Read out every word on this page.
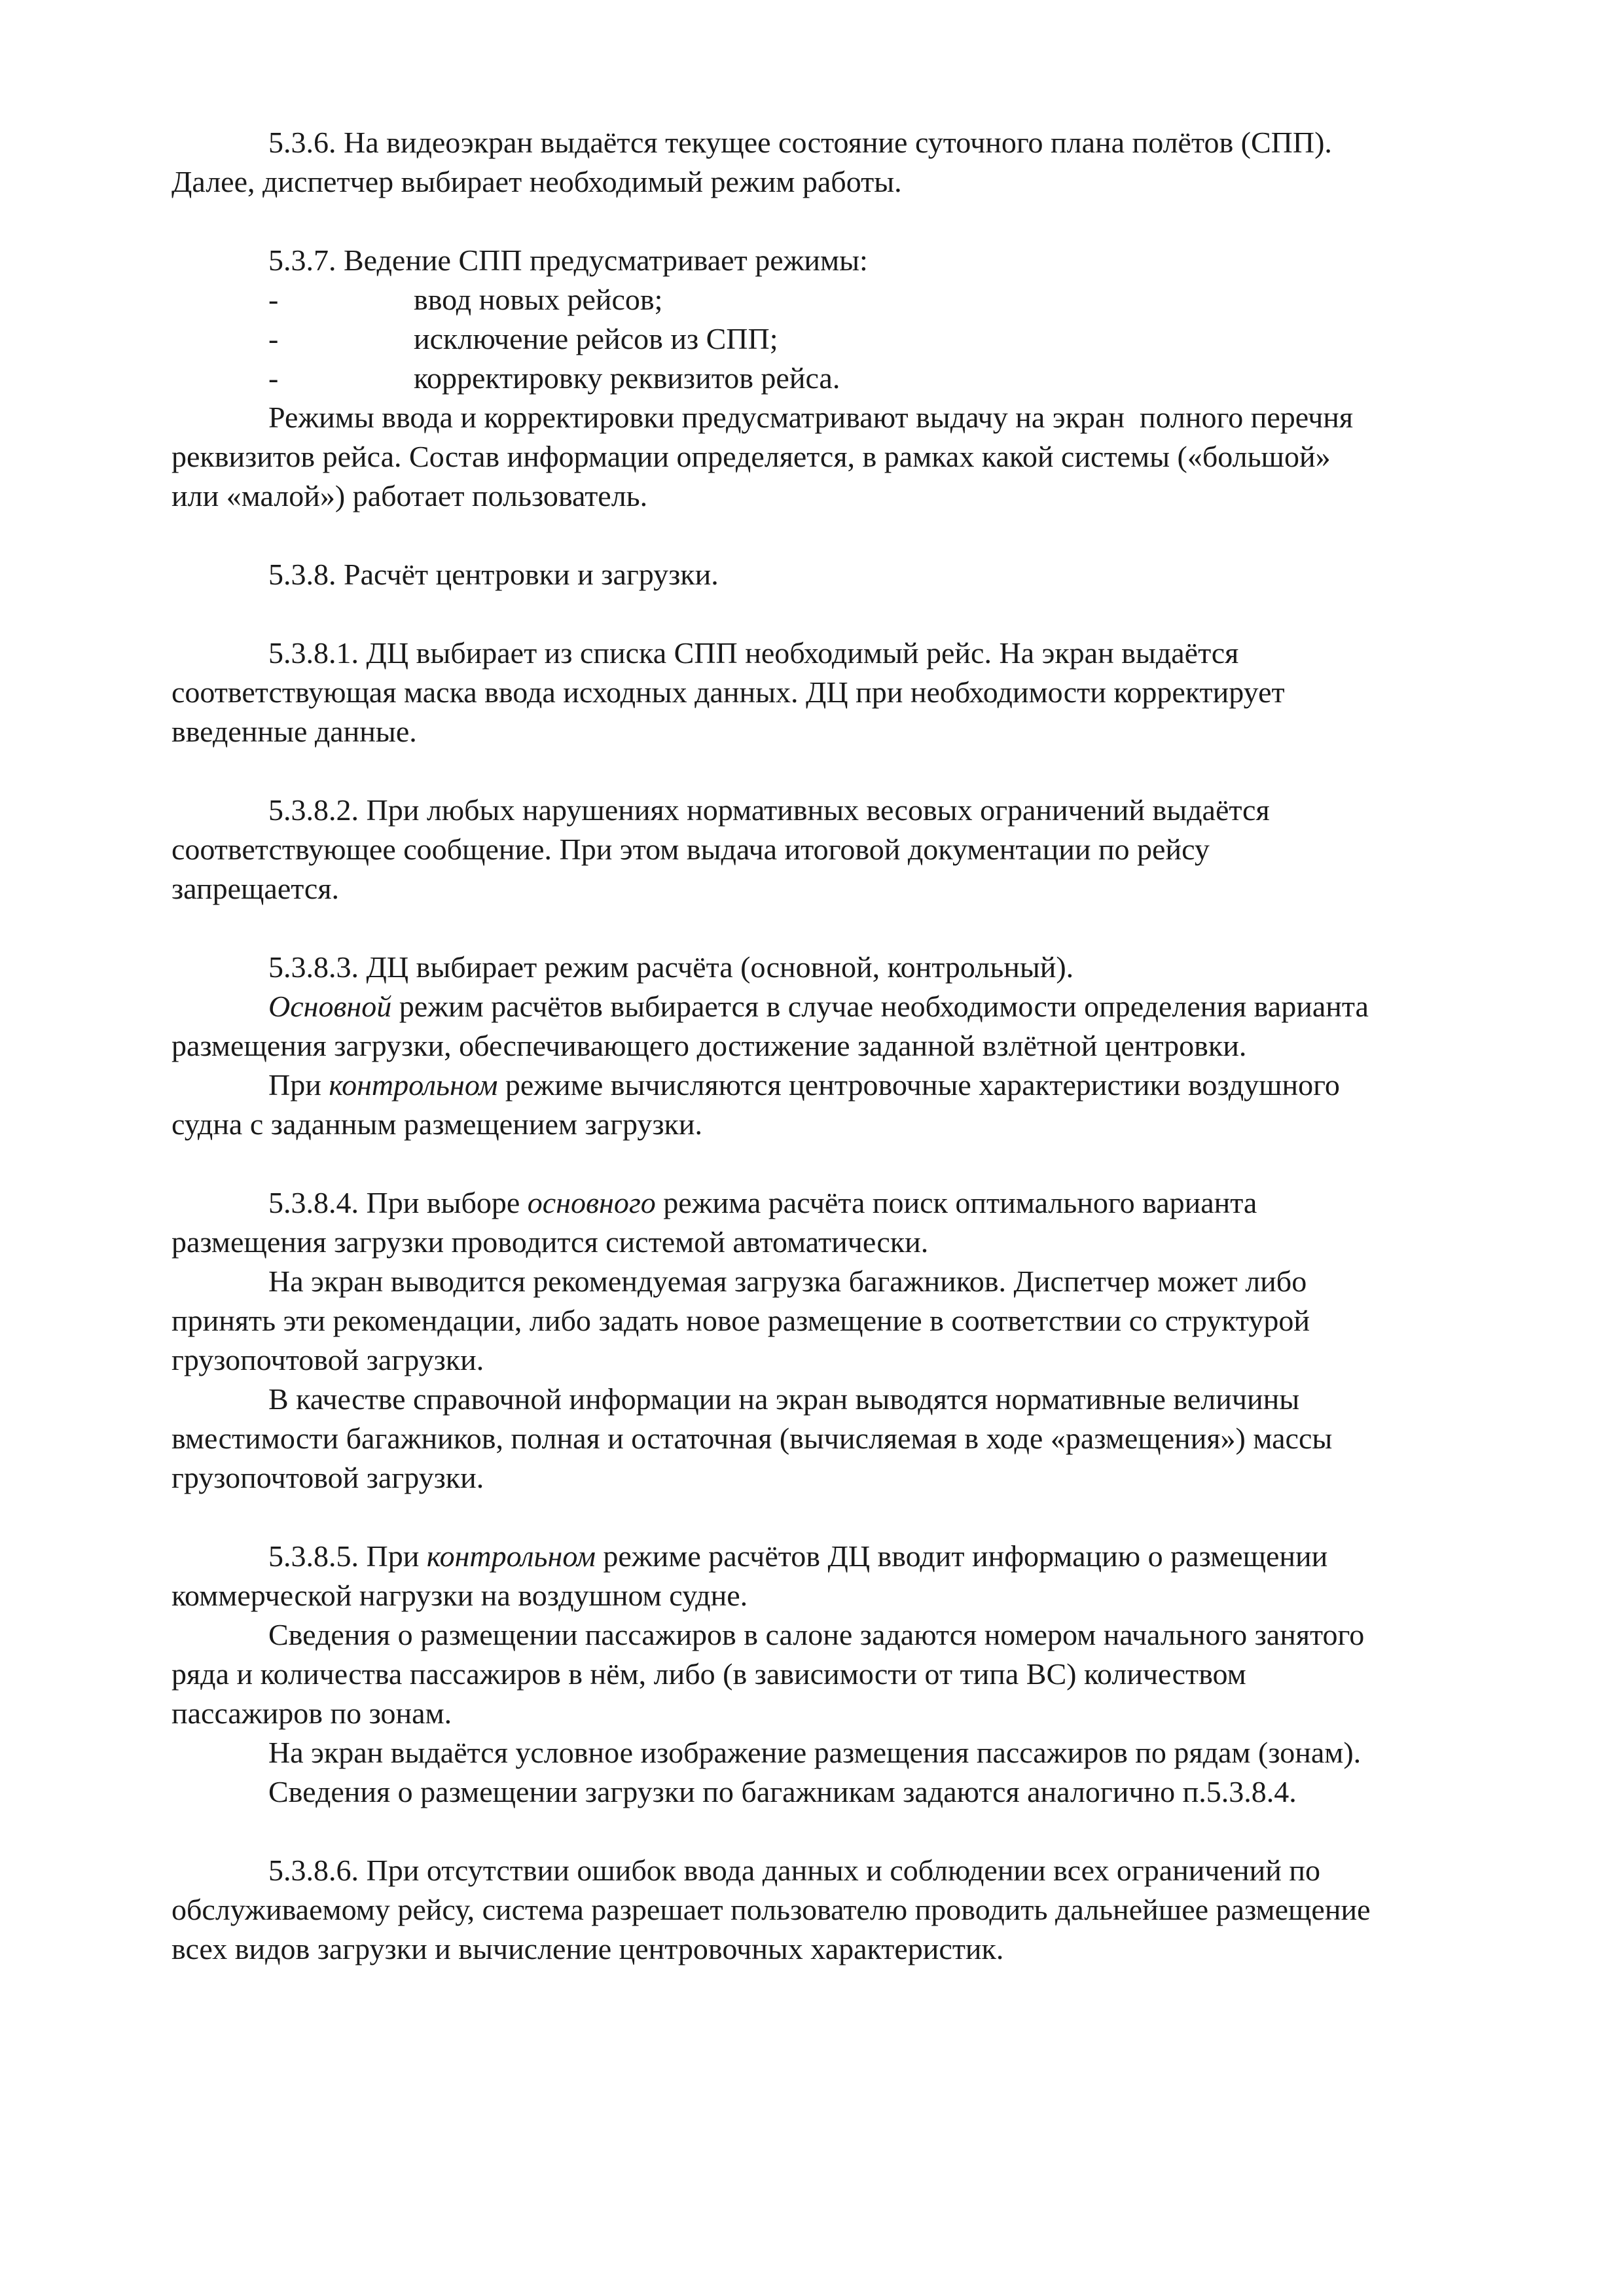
5.3.6. На видеоэкран выдаётся текущее состояние суточного плана полётов (СПП).
Далее, диспетчер выбирает необходимый режим работы.
5.3.7. Ведение СПП предусматривает режимы:
-	ввод новых рейсов;
-	исключение рейсов из СПП;
-	корректировку реквизитов рейса.
Режимы ввода и корректировки предусматривают выдачу на экран  полного перечня
реквизитов рейса. Состав информации определяется, в рамках какой системы («большой»
или «малой») работает пользователь.
5.3.8. Расчёт центровки и загрузки.
5.3.8.1. ДЦ выбирает из списка СПП необходимый рейс. На экран выдаётся
соответствующая маска ввода исходных данных. ДЦ при необходимости корректирует
введенные данные.
5.3.8.2. При любых нарушениях нормативных весовых ограничений выдаётся
соответствующее сообщение. При этом выдача итоговой документации по рейсу
запрещается.
5.3.8.3. ДЦ выбирает режим расчёта (основной, контрольный).
Основной режим расчётов выбирается в случае необходимости определения варианта
размещения загрузки, обеспечивающего достижение заданной взлётной центровки.
При контрольном режиме вычисляются центровочные характеристики воздушного
судна с заданным размещением загрузки.
5.3.8.4. При выборе основного режима расчёта поиск оптимального варианта
размещения загрузки проводится системой автоматически.
На экран выводится рекомендуемая загрузка багажников. Диспетчер может либо
принять эти рекомендации, либо задать новое размещение в соответствии со структурой
грузопочтовой загрузки.
В качестве справочной информации на экран выводятся нормативные величины
вместимости багажников, полная и остаточная (вычисляемая в ходе «размещения») массы
грузопочтовой загрузки.
5.3.8.5. При контрольном режиме расчётов ДЦ вводит информацию о размещении
коммерческой нагрузки на воздушном судне.
Сведения о размещении пассажиров в салоне задаются номером начального занятого
ряда и количества пассажиров в нём, либо (в зависимости от типа ВС) количеством
пассажиров по зонам.
На экран выдаётся условное изображение размещения пассажиров по рядам (зонам).
Сведения о размещении загрузки по багажникам задаются аналогично п.5.3.8.4.
5.3.8.6. При отсутствии ошибок ввода данных и соблюдении всех ограничений по
обслуживаемому рейсу, система разрешает пользователю проводить дальнейшее размещение
всех видов загрузки и вычисление центровочных характеристик.
